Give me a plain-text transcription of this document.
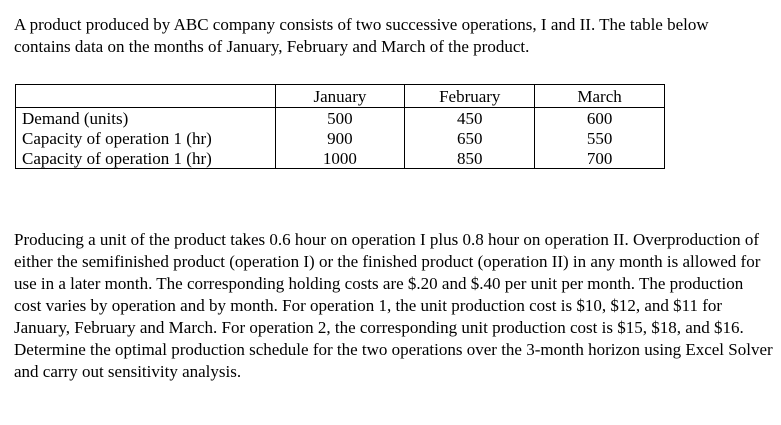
A product produced by ABC company consists of two successive operations, I and II. The table below contains data on the months of January, February and March of the product.

	January	February	March
Demand (units)	500	450	600
Capacity of operation 1 (hr)	900	650	550
Capacity of operation 1 (hr)	1000	850	700

Producing a unit of the product takes 0.6 hour on operation I plus 0.8 hour on operation II. Overproduction of either the semifinished product (operation I) or the finished product (operation II) in any month is allowed for use in a later month. The corresponding holding costs are $.20 and $.40 per unit per month. The production cost varies by operation and by month. For operation 1, the unit production cost is $10, $12, and $11 for January, February and March. For operation 2, the corresponding unit production cost is $15, $18, and $16. Determine the optimal production schedule for the two operations over the 3-month horizon using Excel Solver and carry out sensitivity analysis.
